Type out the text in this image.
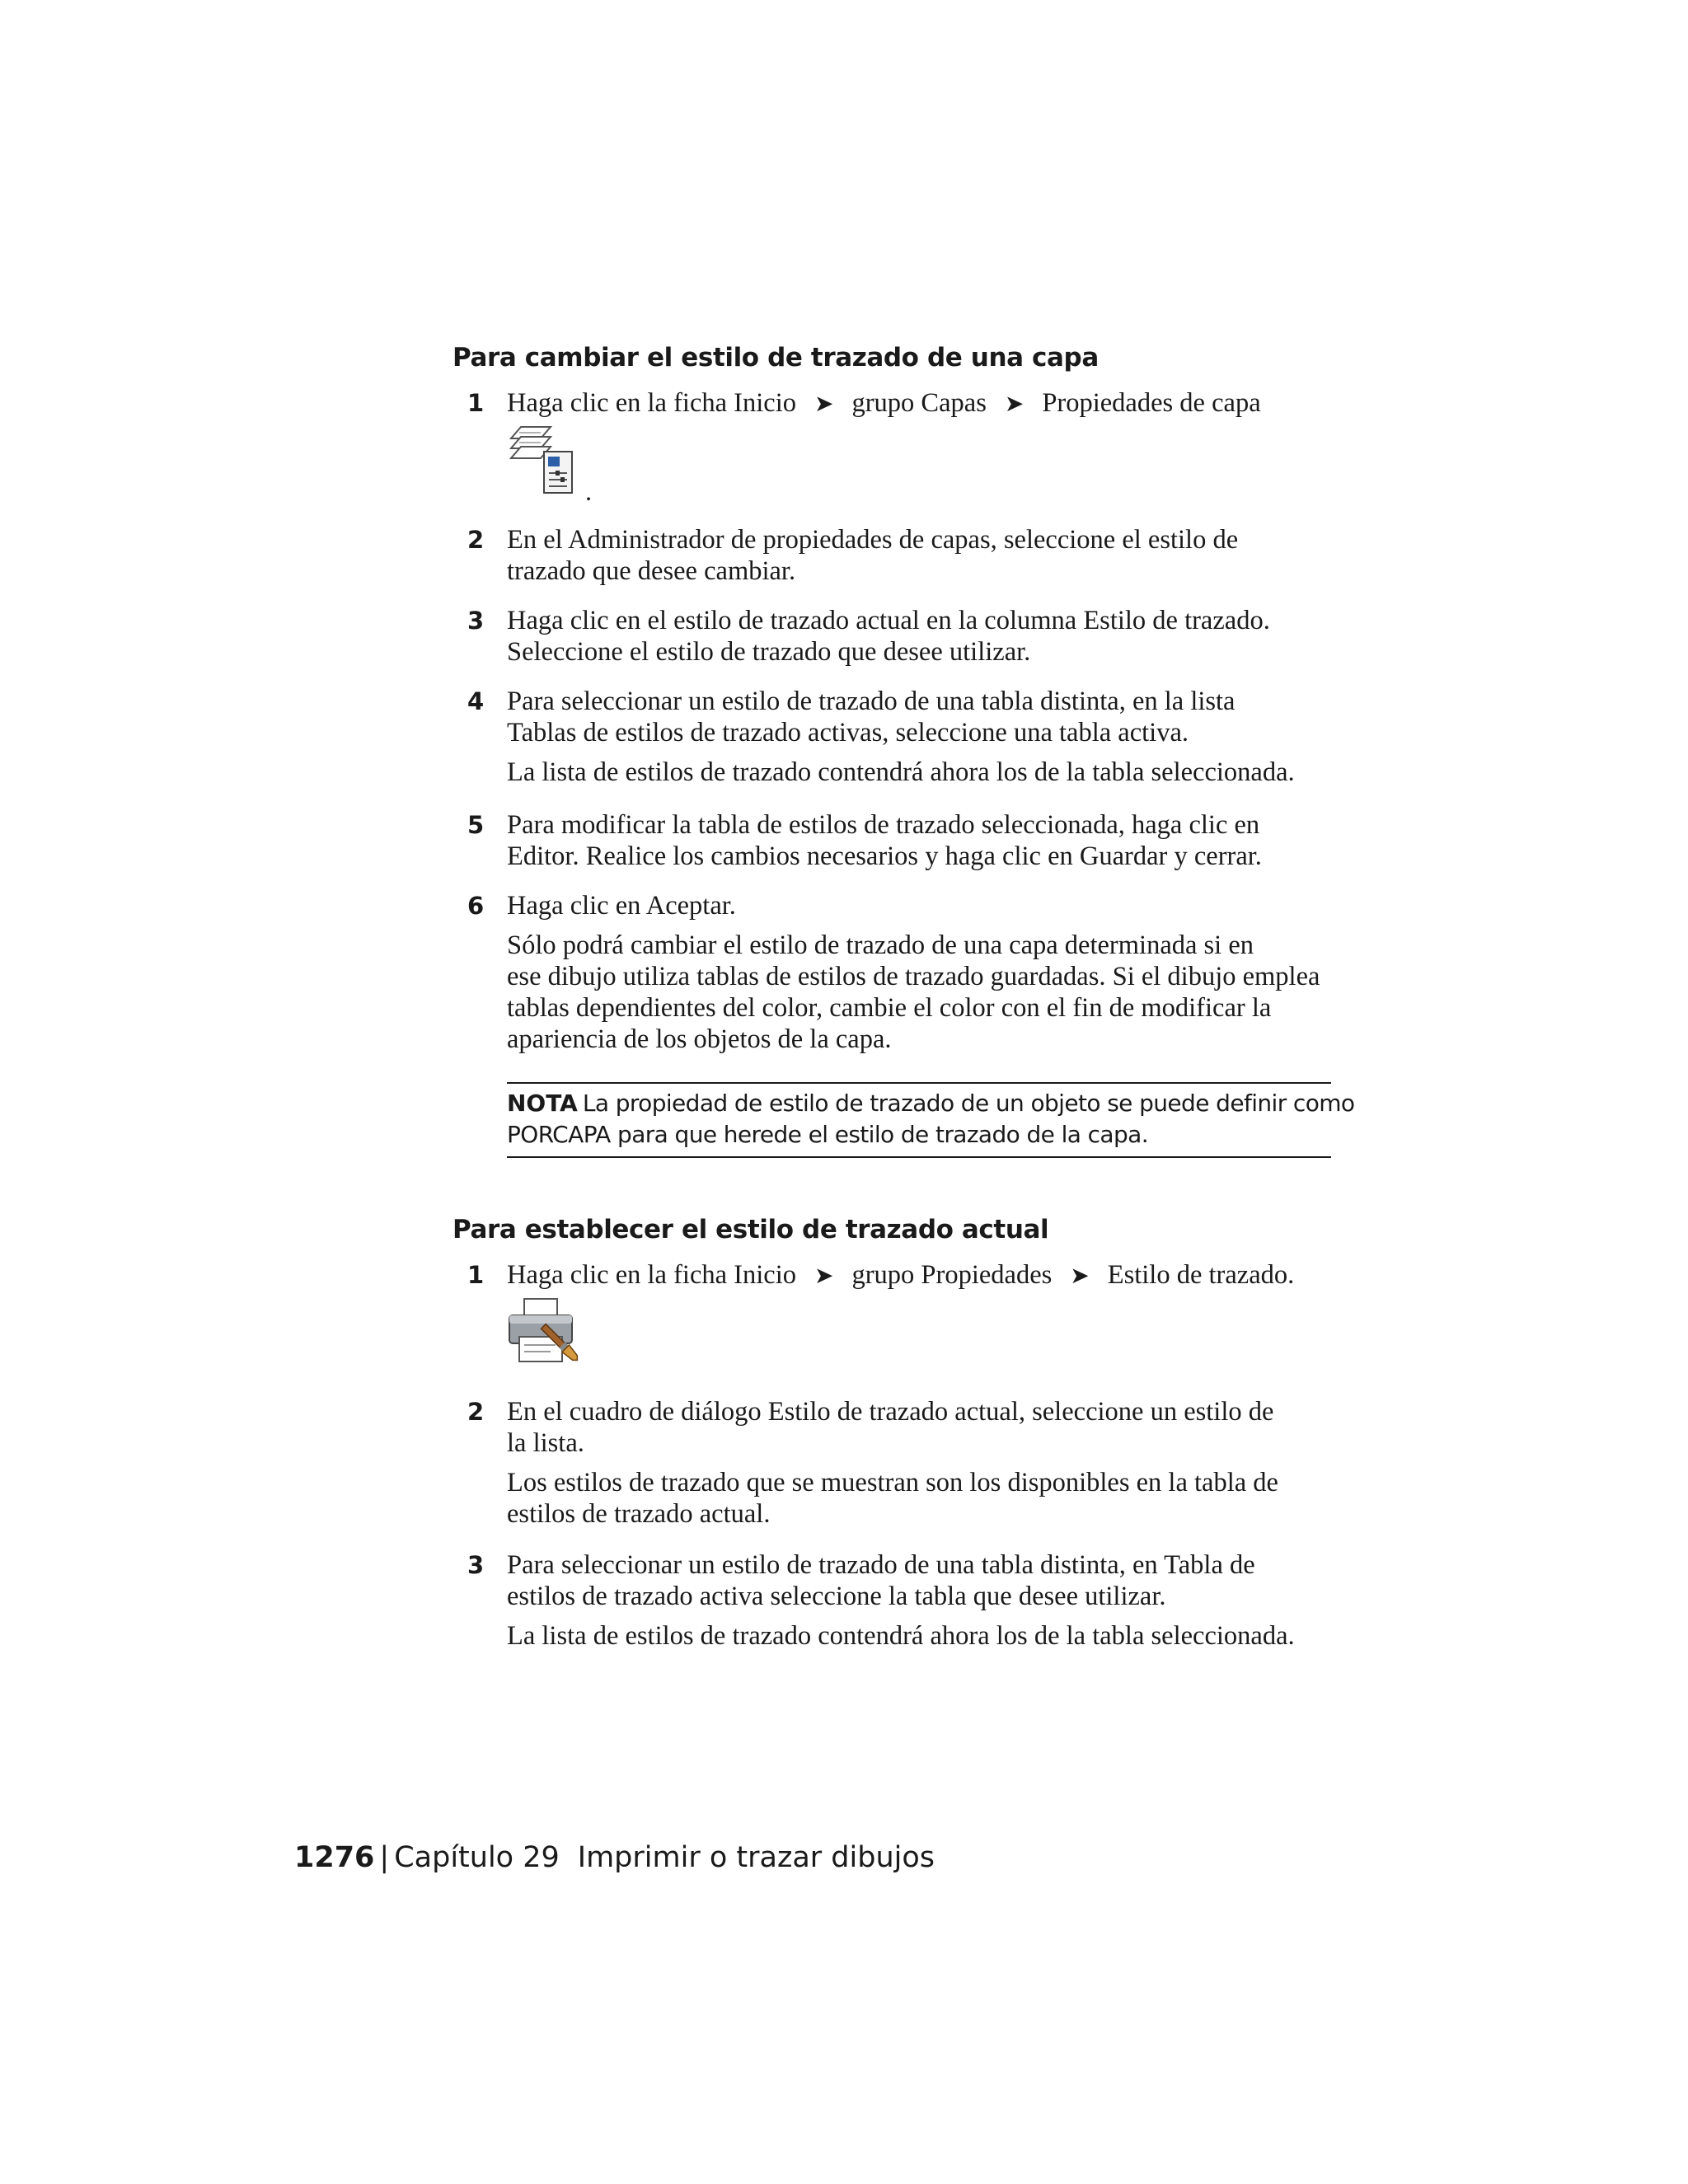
Para cambiar el estilo de trazado de una capa
1 Haga clic en la ficha Inicio ➤ grupo Capas ➤ Propiedades de capa
.
2 En el Administrador de propiedades de capas, seleccione el estilo de
trazado que desee cambiar.
3 Haga clic en el estilo de trazado actual en la columna Estilo de trazado.
Seleccione el estilo de trazado que desee utilizar.
4 Para seleccionar un estilo de trazado de una tabla distinta, en la lista
Tablas de estilos de trazado activas, seleccione una tabla activa.
La lista de estilos de trazado contendrá ahora los de la tabla seleccionada.
5 Para modificar la tabla de estilos de trazado seleccionada, haga clic en
Editor. Realice los cambios necesarios y haga clic en Guardar y cerrar.
6 Haga clic en Aceptar.
Sólo podrá cambiar el estilo de trazado de una capa determinada si en
ese dibujo utiliza tablas de estilos de trazado guardadas. Si el dibujo emplea
tablas dependientes del color, cambie el color con el fin de modificar la
apariencia de los objetos de la capa.
NOTA La propiedad de estilo de trazado de un objeto se puede definir como
PORCAPA para que herede el estilo de trazado de la capa.
Para establecer el estilo de trazado actual
1 Haga clic en la ficha Inicio ➤ grupo Propiedades ➤ Estilo de trazado.
2 En el cuadro de diálogo Estilo de trazado actual, seleccione un estilo de
la lista.
Los estilos de trazado que se muestran son los disponibles en la tabla de
estilos de trazado actual.
3 Para seleccionar un estilo de trazado de una tabla distinta, en Tabla de
estilos de trazado activa seleccione la tabla que desee utilizar.
La lista de estilos de trazado contendrá ahora los de la tabla seleccionada.
1276 | Capítulo 29 Imprimir o trazar dibujos
